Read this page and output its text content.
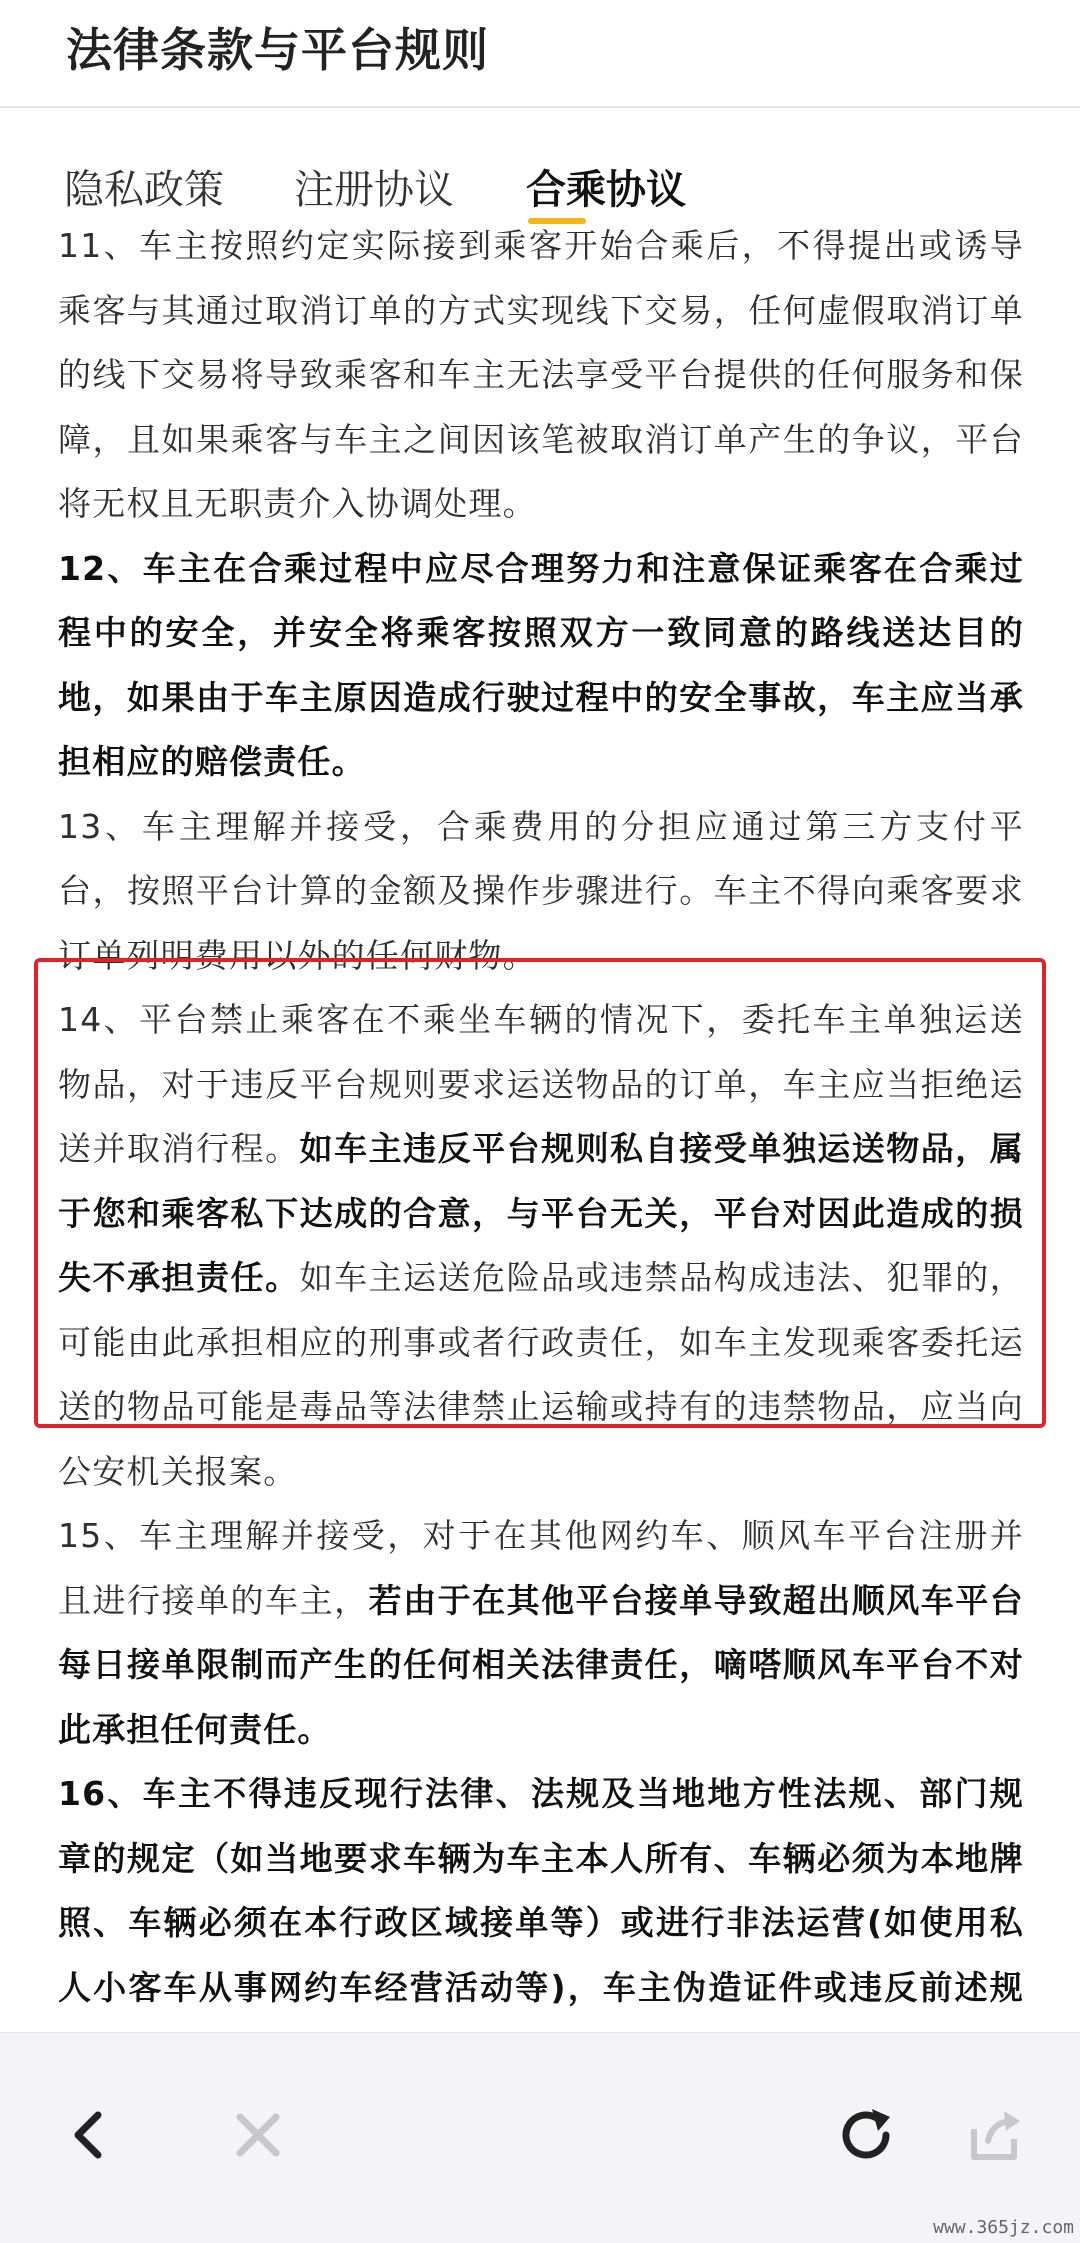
法律条款与平台规则
隐私政策 注册协议 合乘协议

11、车主按照约定实际接到乘客开始合乘后，不得提出或诱导乘客与其通过取消订单的方式实现线下交易，任何虚假取消订单的线下交易将导致乘客和车主无法享受平台提供的任何服务和保障，且如果乘客与车主之间因该笔被取消订单产生的争议，平台将无权且无职责介入协调处理。

12、车主在合乘过程中应尽合理努力和注意保证乘客在合乘过程中的安全，并安全将乘客按照双方一致同意的路线送达目的地，如果由于车主原因造成行驶过程中的安全事故，车主应当承担相应的赔偿责任。

13、车主理解并接受，合乘费用的分担应通过第三方支付平台，按照平台计算的金额及操作步骤进行。车主不得向乘客要求订单列明费用以外的任何财物。

14、平台禁止乘客在不乘坐车辆的情况下，委托车主单独运送物品，对于违反平台规则要求运送物品的订单，车主应当拒绝运送并取消行程。如车主违反平台规则私自接受单独运送物品，属于您和乘客私下达成的合意，与平台无关，平台对因此造成的损失不承担责任。如车主运送危险品或违禁品构成违法、犯罪的，可能由此承担相应的刑事或者行政责任，如车主发现乘客委托运送的物品可能是毒品等法律禁止运输或持有的违禁物品，应当向公安机关报案。

15、车主理解并接受，对于在其他网约车、顺风车平台注册并且进行接单的车主，若由于在其他平台接单导致超出顺风车平台每日接单限制而产生的任何相关法律责任，嘀嗒顺风车平台不对此承担任何责任。

16、车主不得违反现行法律、法规及当地地方性法规、部门规章的规定（如当地要求车辆为车主本人所有、车辆必须为本地牌照、车辆必须在本行政区域接单等）或进行非法运营(如使用私人小客车从事网约车经营活动等)，车主伪造证件或违反前述规

www.365jz.com
